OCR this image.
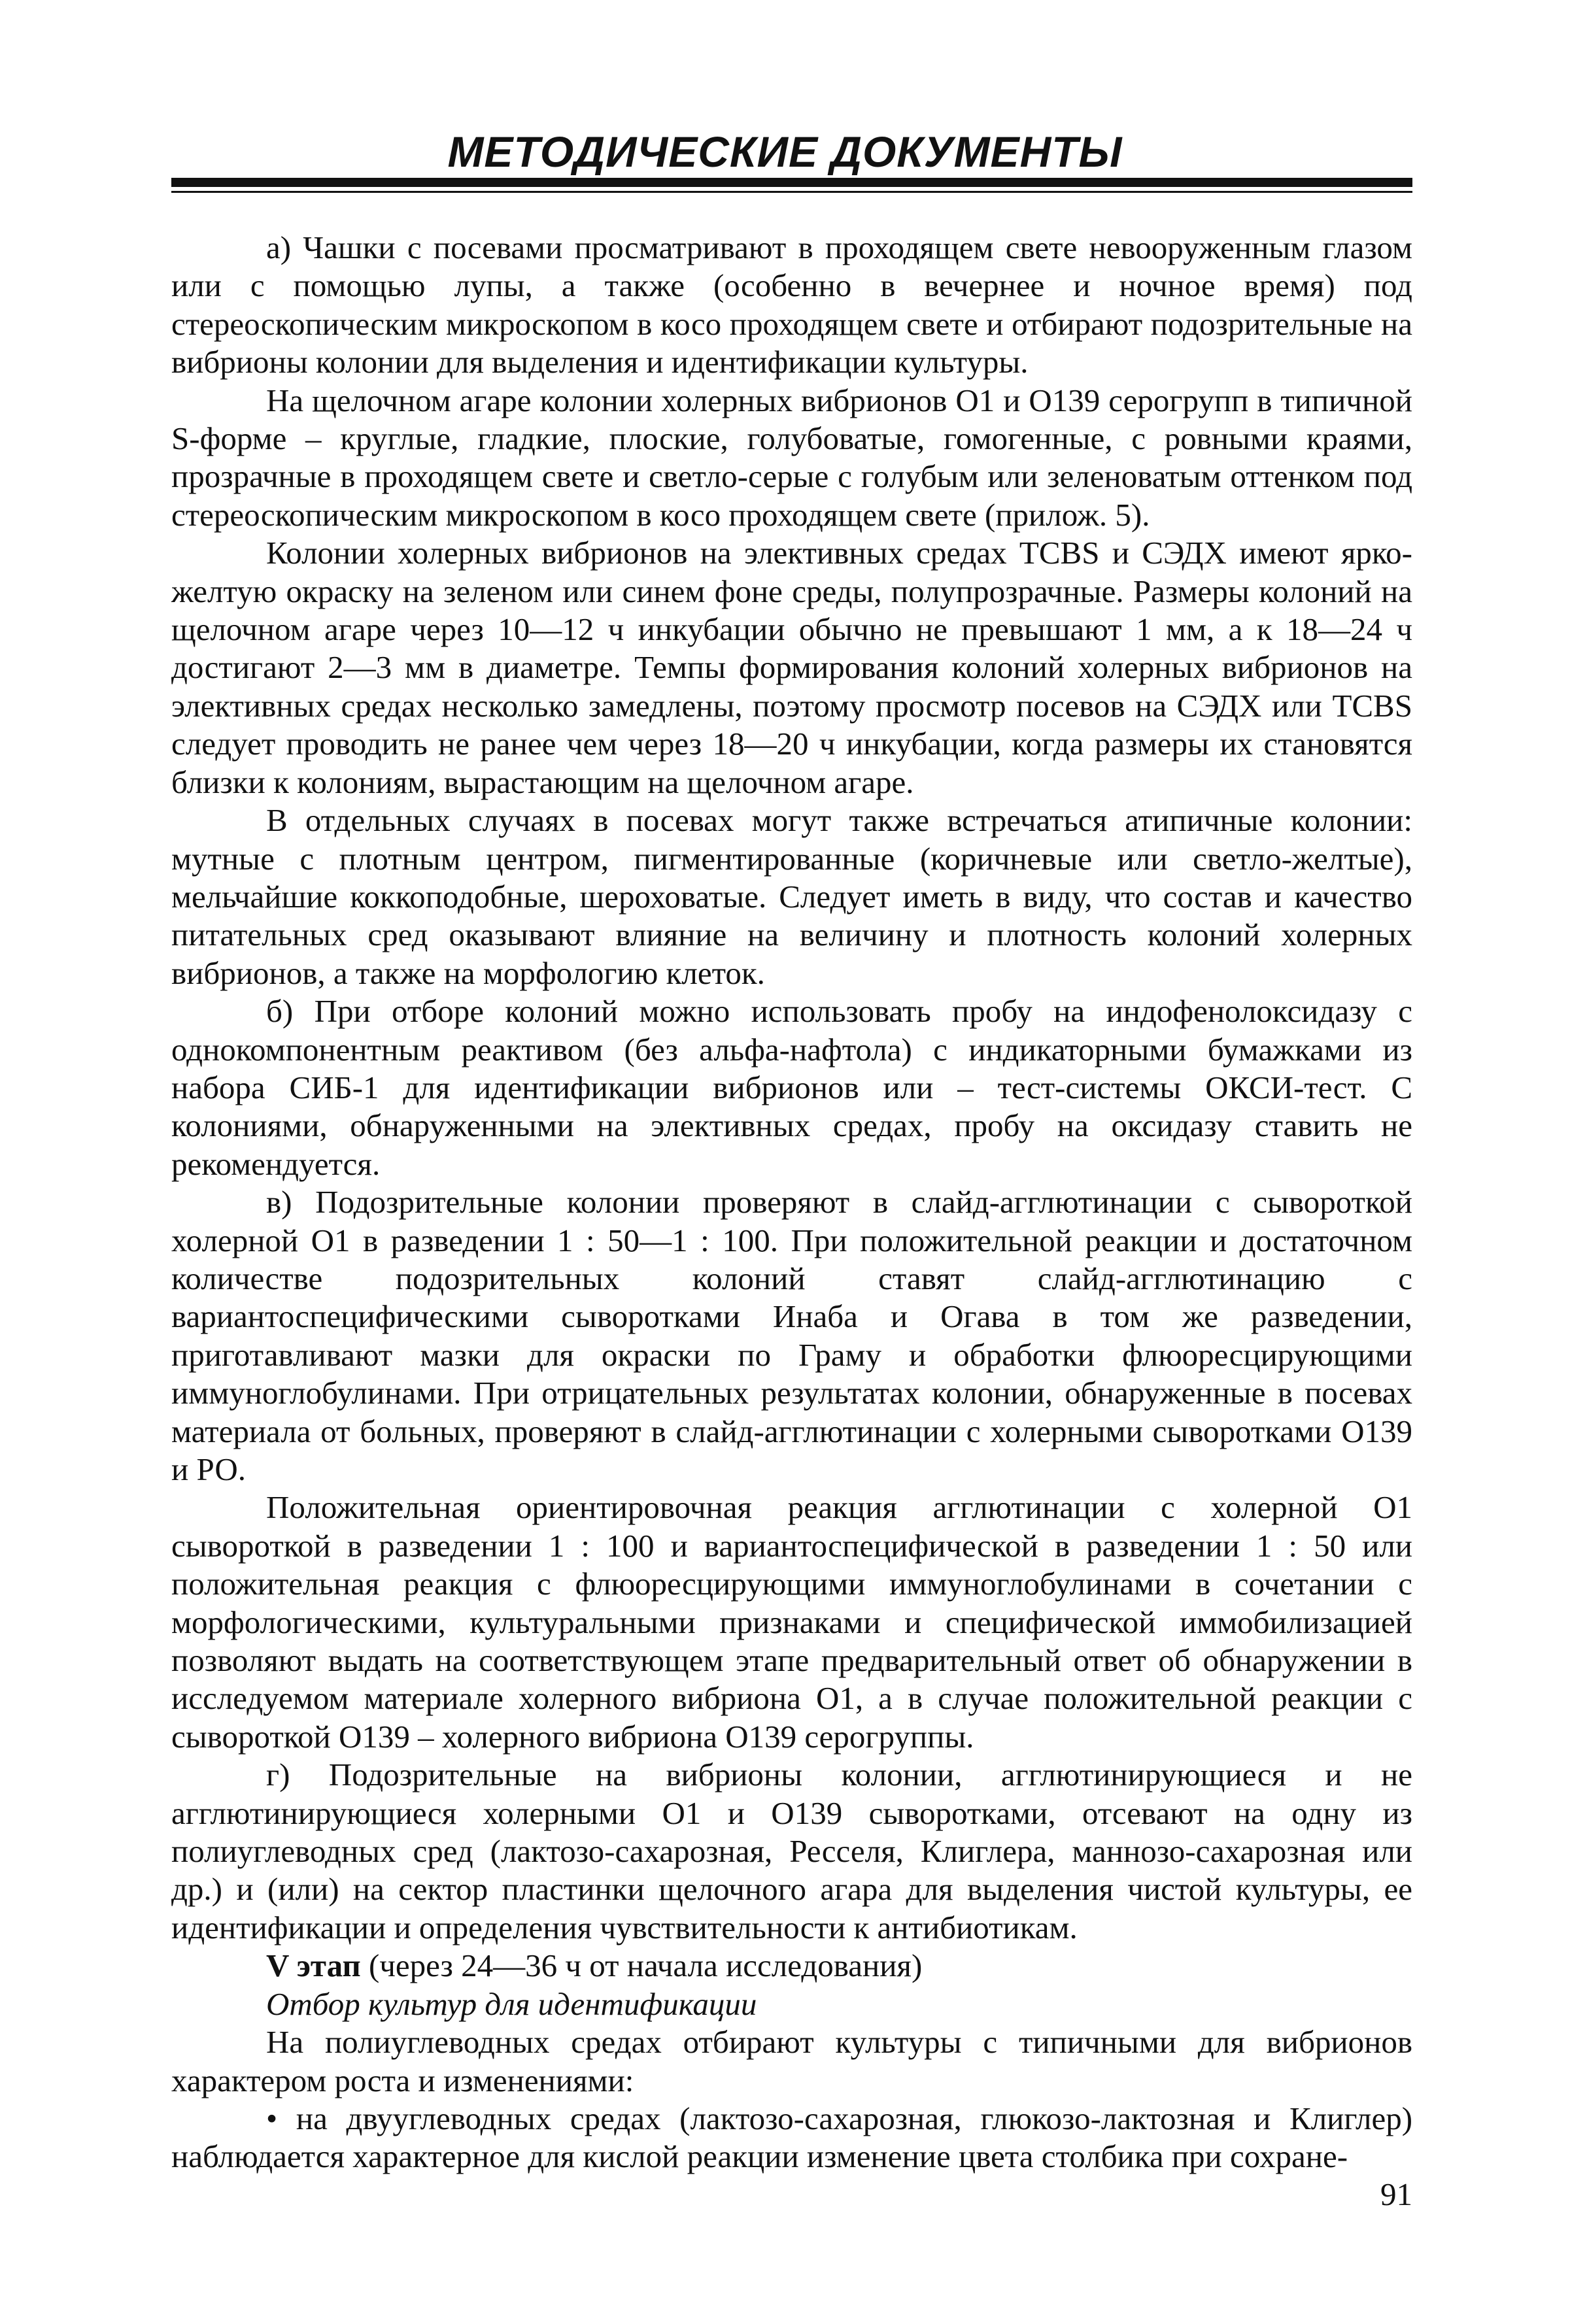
МЕТОДИЧЕСКИЕ ДОКУМЕНТЫ

а) Чашки с посевами просматривают в проходящем свете невооруженным глазом или с помощью лупы, а также (особенно в вечернее и ночное время) под стереоскопическим микроскопом в косо проходящем свете и отбирают подозрительные на вибрионы колонии для выделения и идентификации культуры.

На щелочном агаре колонии холерных вибрионов О1 и О139 серогрупп в типичной S-форме – круглые, гладкие, плоские, голубоватые, гомогенные, с ровными краями, прозрачные в проходящем свете и светло-серые с голубым или зеленоватым оттенком под стереоскопическим микроскопом в косо проходящем свете (прилож. 5).

Колонии холерных вибрионов на элективных средах TCBS и СЭДХ имеют ярко-желтую окраску на зеленом или синем фоне среды, полупрозрачные. Размеры колоний на щелочном агаре через 10—12 ч инкубации обычно не превышают 1 мм, а к 18—24 ч достигают 2—3 мм в диаметре. Темпы формирования колоний холерных вибрионов на элективных средах несколько замедлены, поэтому просмотр посевов на СЭДХ или TCBS следует проводить не ранее чем через 18—20 ч инкубации, когда размеры их становятся близки к колониям, вырастающим на щелочном агаре.

В отдельных случаях в посевах могут также встречаться атипичные колонии: мутные с плотным центром, пигментированные (коричневые или светло-желтые), мельчайшие коккоподобные, шероховатые. Следует иметь в виду, что состав и качество питательных сред оказывают влияние на величину и плотность колоний холерных вибрионов, а также на морфологию клеток.

б) При отборе колоний можно использовать пробу на индофенолоксидазу с однокомпонентным реактивом (без альфа-нафтола) с индикаторными бумажками из набора СИБ-1 для идентификации вибрионов или – тест-системы ОКСИ-тест. С колониями, обнаруженными на элективных средах, пробу на оксидазу ставить не рекомендуется.

в) Подозрительные колонии проверяют в слайд-агглютинации с сывороткой холерной О1 в разведении 1 : 50—1 : 100. При положительной реакции и достаточном количестве подозрительных колоний ставят слайд-агглютинацию с вариантоспецифическими сыворотками Инаба и Огава в том же разведении, приготавливают мазки для окраски по Граму и обработки флюоресцирующими иммуноглобулинами. При отрицательных результатах колонии, обнаруженные в посевах материала от больных, проверяют в слайд-агглютинации с холерными сыворотками О139 и РО.

Положительная ориентировочная реакция агглютинации с холерной О1 сывороткой в разведении 1 : 100 и вариантоспецифической в разведении 1 : 50 или положительная реакция с флюоресцирующими иммуноглобулинами в сочетании с морфологическими, культуральными признаками и специфической иммобилизацией позволяют выдать на соответствующем этапе предварительный ответ об обнаружении в исследуемом материале холерного вибриона О1, а в случае положительной реакции с сывороткой О139 – холерного вибриона О139 серогруппы.

г) Подозрительные на вибрионы колонии, агглютинирующиеся и не агглютинирующиеся холерными О1 и О139 сыворотками, отсевают на одну из полиуглеводных сред (лактозо-сахарозная, Ресселя, Клиглера, маннозо-сахарозная или др.) и (или) на сектор пластинки щелочного агара для выделения чистой культуры, ее идентификации и определения чувствительности к антибиотикам.

V этап (через 24—36 ч от начала исследования)

Отбор культур для идентификации

На полиуглеводных средах отбирают культуры с типичными для вибрионов характером роста и изменениями:

• на двууглеводных средах (лактозо-сахарозная, глюкозо-лактозная и Клиглер) наблюдается характерное для кислой реакции изменение цвета столбика при сохране-

91
